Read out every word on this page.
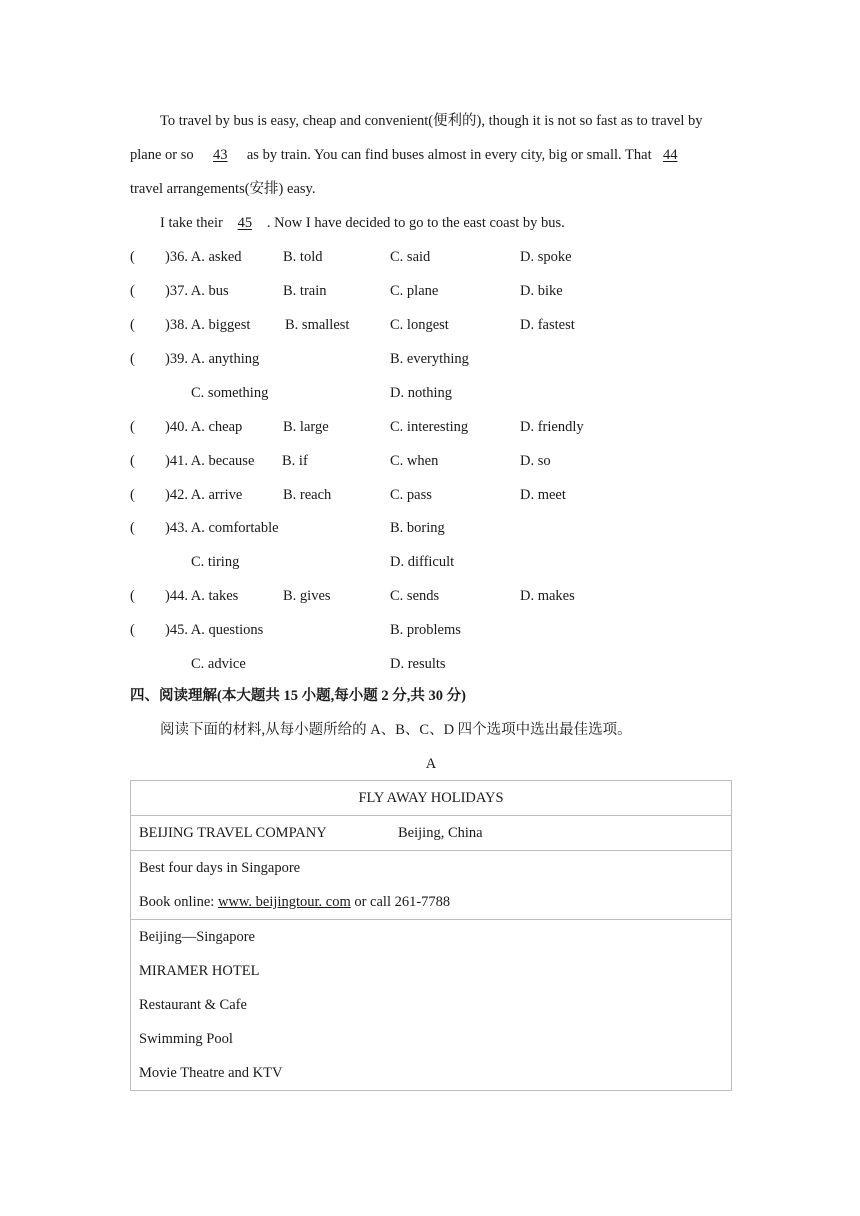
To travel by bus is easy, cheap and convenient(便利的), though it is not so fast as to travel by
plane or so 43 as by train. You can find buses almost in every city, big or small. That 44
travel arrangements(安排) easy.
I take their 45 . Now I have decided to go to the east coast by bus.
( )36. A. asked	B. told	C. said	D. spoke
( )37. A. bus	B. train	C. plane	D. bike
( )38. A. biggest B. smallest	C. longest	D. fastest
( )39. A. anything	B. everything
C. something	D. nothing
( )40. A. cheap	B. large	C. interesting	D. friendly
( )41. A. because B. if	C. when	D. so
( )42. A. arrive	B. reach	C. pass	D. meet
( )43. A. comfortable	B. boring
C. tiring	D. difficult
( )44. A. takes	B. gives	C. sends	D. makes
( )45. A. questions	B. problems
C. advice	D. results
四、阅读理解(本大题共 15 小题,每小题 2 分,共 30 分)
阅读下面的材料,从每小题所给的 A、B、C、D 四个选项中选出最佳选项。
A
FLY AWAY HOLIDAYS
BEIJING TRAVEL COMPANY	Beijing, China
Best four days in Singapore
Book online: www. beijingtour. com or call 261-7788
Beijing—Singapore
MIRAMER HOTEL
Restaurant & Cafe
Swimming Pool
Movie Theatre and KTV
